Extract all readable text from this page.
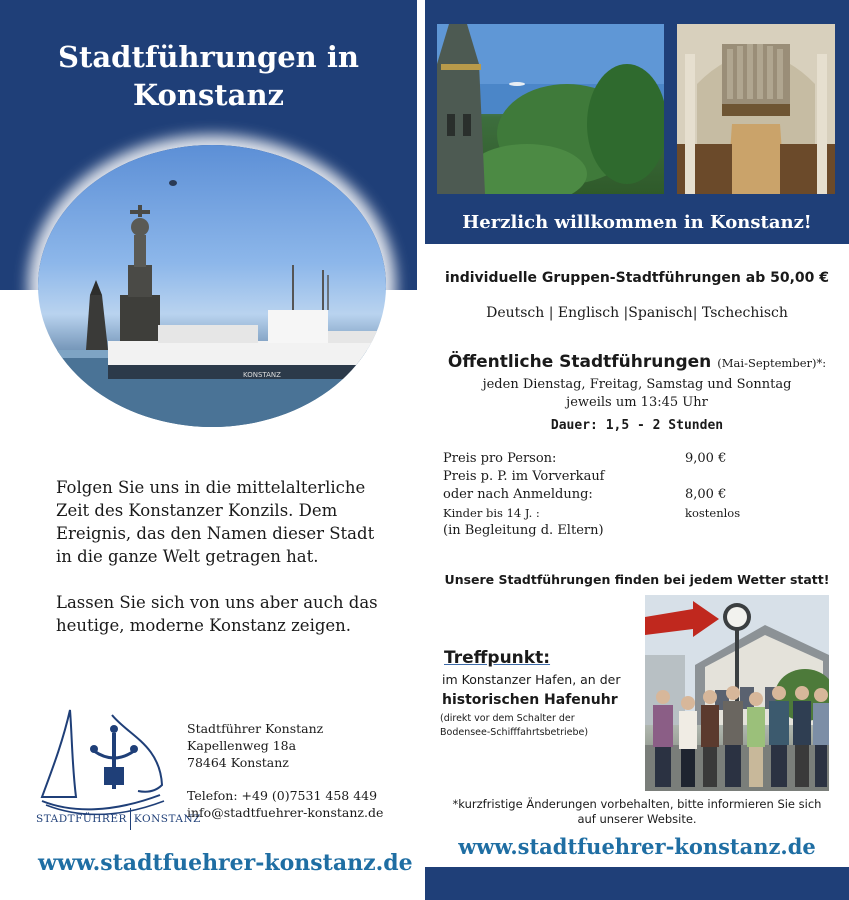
Stadtführungen in
Konstanz
KONSTANZ

Folgen Sie uns in die mittelalterliche Zeit des Konstanzer Konzils. Dem Ereignis, das den Namen dieser Stadt in die ganze Welt getragen hat.

Lassen Sie sich von uns aber auch das heutige, moderne Konstanz zeigen.

STADTFÜHRER KONSTANZ
Stadtführer Konstanz
Kapellenweg 18a
78464 Konstanz
Telefon: +49 (0)7531 458 449
info@stadtfuehrer-konstanz.de
www.stadtfuehrer-konstanz.de
Herzlich willkommen in Konstanz!
individuelle Gruppen-Stadtführungen ab 50,00 €
Deutsch | Englisch |Spanisch| Tschechisch
Öffentliche Stadtführungen (Mai-September)*:
jeden Dienstag, Freitag, Samstag und Sonntag
jeweils um 13:45 Uhr
Dauer: 1,5 - 2 Stunden
Preis pro Person:	9,00 €
Preis p. P. im Vorverkauf
oder nach Anmeldung:	8,00 €
Kinder bis 14 J. :	kostenlos
(in Begleitung d. Eltern)
Unsere Stadtführungen finden bei jedem Wetter statt!
Treffpunkt:
im Konstanzer Hafen, an der
historischen Hafenuhr
(direkt vor dem Schalter der
Bodensee-Schifffahrtsbetriebe)
*kurzfristige Änderungen vorbehalten, bitte informieren Sie sich
auf unserer Website.
www.stadtfuehrer-konstanz.de
